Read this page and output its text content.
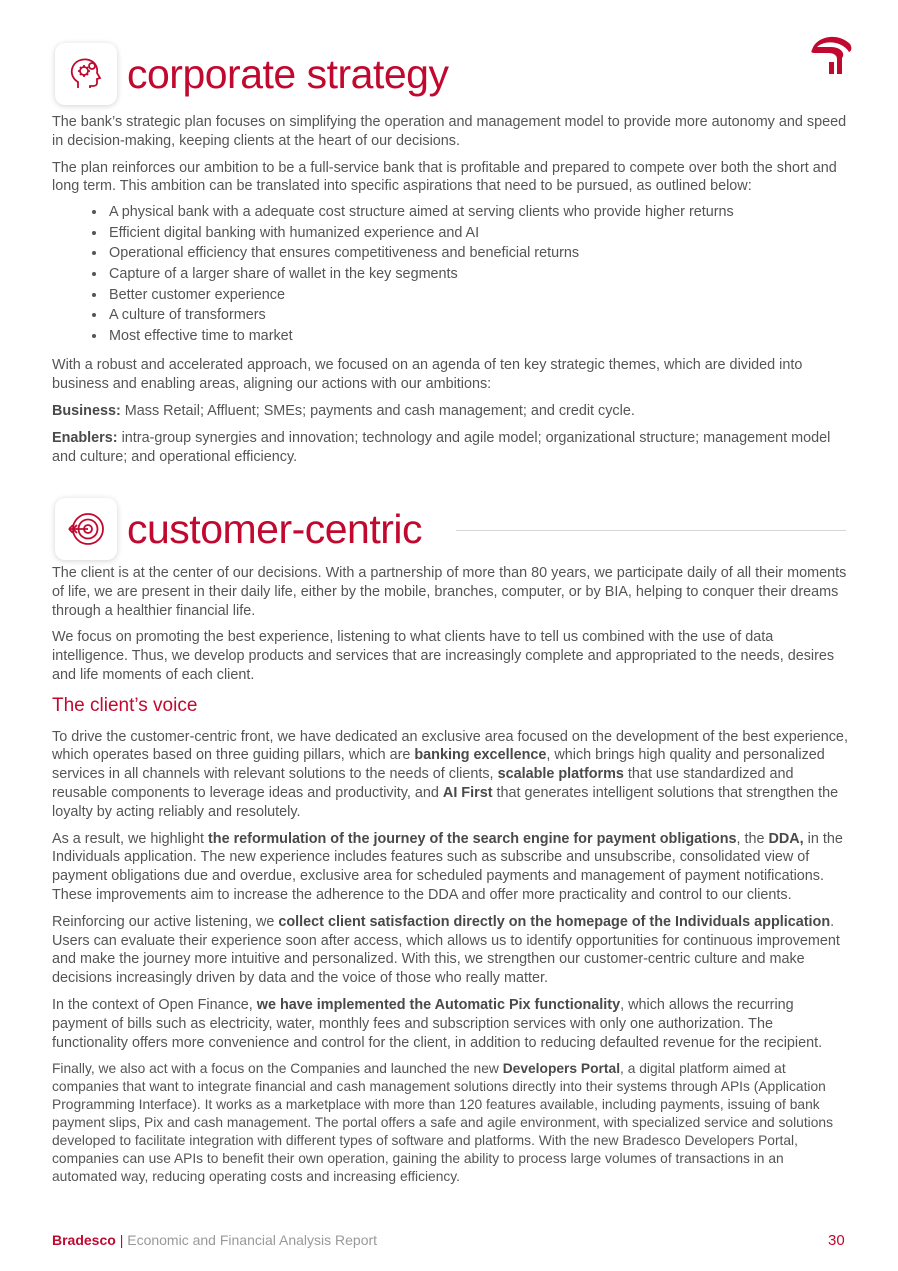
corporate strategy

The bank’s strategic plan focuses on simplifying the operation and management model to provide more autonomy and speed in decision-making, keeping clients at the heart of our decisions.

The plan reinforces our ambition to be a full-service bank that is profitable and prepared to compete over both the short and long term. This ambition can be translated into specific aspirations that need to be pursued, as outlined below:

• A physical bank with a adequate cost structure aimed at serving clients who provide higher returns
• Efficient digital banking with humanized experience and AI
• Operational efficiency that ensures competitiveness and beneficial returns
• Capture of a larger share of wallet in the key segments
• Better customer experience
• A culture of transformers
• Most effective time to market

With a robust and accelerated approach, we focused on an agenda of ten key strategic themes, which are divided into business and enabling areas, aligning our actions with our ambitions:

Business: Mass Retail; Affluent; SMEs; payments and cash management; and credit cycle.

Enablers: intra-group synergies and innovation; technology and agile model; organizational structure; management model and culture; and operational efficiency.

customer-centric

The client is at the center of our decisions. With a partnership of more than 80 years, we participate daily of all their moments of life, we are present in their daily life, either by the mobile, branches, computer, or by BIA, helping to conquer their dreams through a healthier financial life.

We focus on promoting the best experience, listening to what clients have to tell us combined with the use of data intelligence. Thus, we develop products and services that are increasingly complete and appropriated to the needs, desires and life moments of each client.

The client’s voice

To drive the customer-centric front, we have dedicated an exclusive area focused on the development of the best experience, which operates based on three guiding pillars, which are banking excellence, which brings high quality and personalized services in all channels with relevant solutions to the needs of clients, scalable platforms that use standardized and reusable components to leverage ideas and productivity, and AI First that generates intelligent solutions that strengthen the loyalty by acting reliably and resolutely.

As a result, we highlight the reformulation of the journey of the search engine for payment obligations, the DDA, in the Individuals application. The new experience includes features such as subscribe and unsubscribe, consolidated view of payment obligations due and overdue, exclusive area for scheduled payments and management of payment notifications. These improvements aim to increase the adherence to the DDA and offer more practicality and control to our clients.

Reinforcing our active listening, we collect client satisfaction directly on the homepage of the Individuals application. Users can evaluate their experience soon after access, which allows us to identify opportunities for continuous improvement and make the journey more intuitive and personalized. With this, we strengthen our customer-centric culture and make decisions increasingly driven by data and the voice of those who really matter.

In the context of Open Finance, we have implemented the Automatic Pix functionality, which allows the recurring payment of bills such as electricity, water, monthly fees and subscription services with only one authorization. The functionality offers more convenience and control for the client, in addition to reducing defaulted revenue for the recipient.

Finally, we also act with a focus on the Companies and launched the new Developers Portal, a digital platform aimed at companies that want to integrate financial and cash management solutions directly into their systems through APIs (Application Programming Interface). It works as a marketplace with more than 120 features available, including payments, issuing of bank payment slips, Pix and cash management. The portal offers a safe and agile environment, with specialized service and solutions developed to facilitate integration with different types of software and platforms. With the new Bradesco Developers Portal, companies can use APIs to benefit their own operation, gaining the ability to process large volumes of transactions in an automated way, reducing operating costs and increasing efficiency.

Bradesco | Economic and Financial Analysis Report	30
